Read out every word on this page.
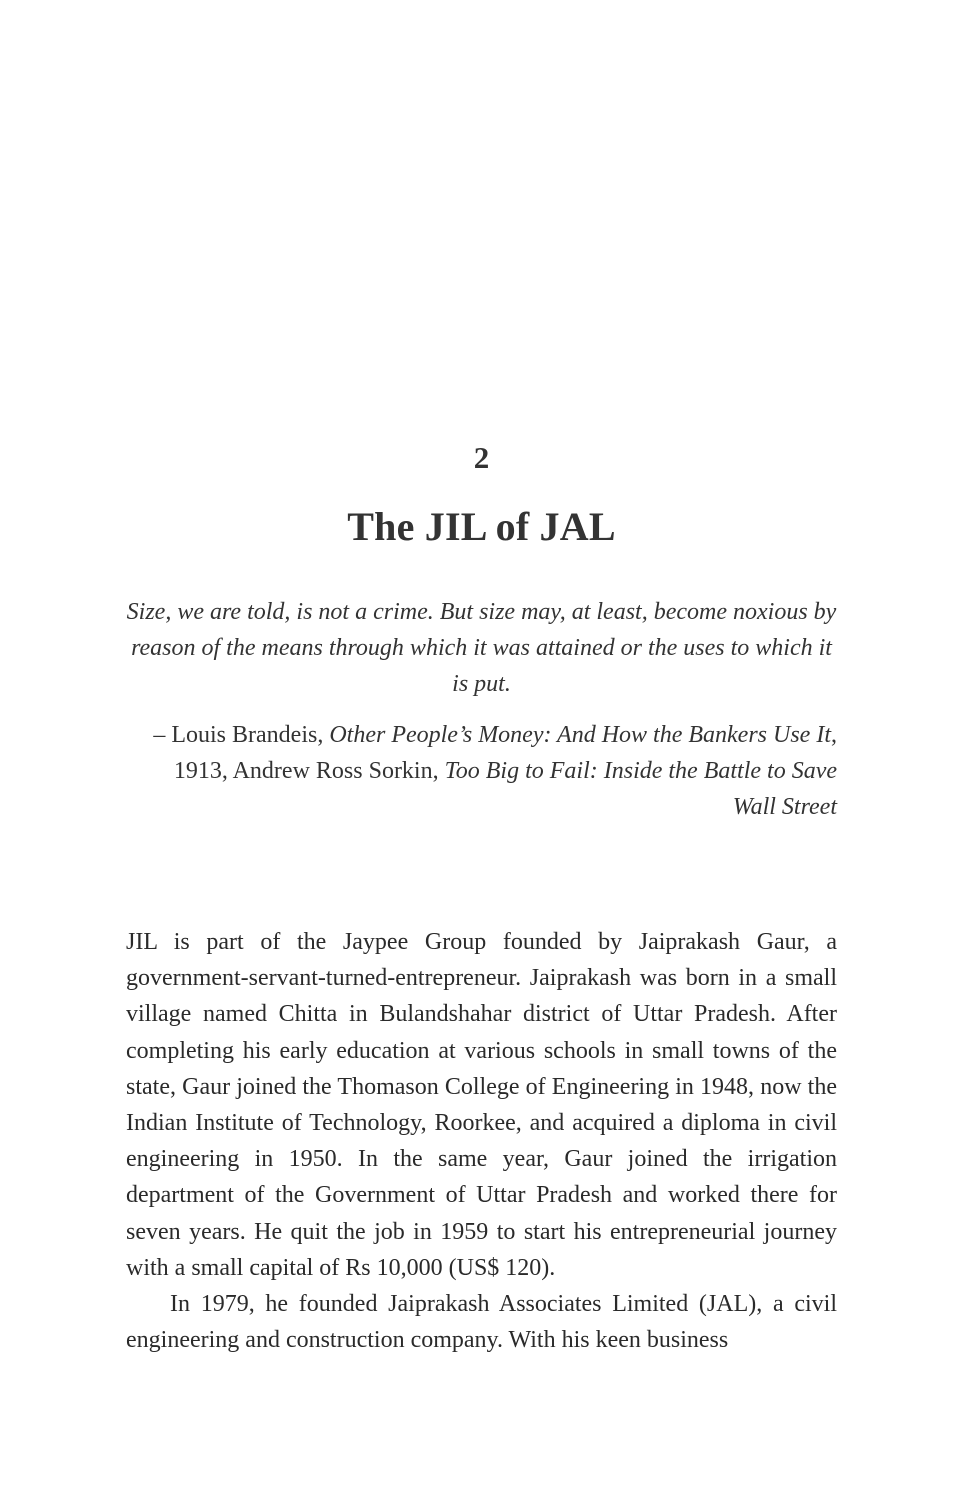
2
The JIL of JAL
Size, we are told, is not a crime. But size may, at least, become noxious by reason of the means through which it was attained or the uses to which it is put.
– Louis Brandeis, Other People’s Money: And How the Bankers Use It, 1913, Andrew Ross Sorkin, Too Big to Fail: Inside the Battle to Save Wall Street

JIL is part of the Jaypee Group founded by Jaiprakash Gaur, a government-servant-turned-entrepreneur. Jaiprakash was born in a small village named Chitta in Bulandshahar district of Uttar Pradesh. After completing his early education at various schools in small towns of the state, Gaur joined the Thomason College of Engineering in 1948, now the Indian Institute of Technology, Roorkee, and acquired a diploma in civil engineering in 1950. In the same year, Gaur joined the irrigation department of the Government of Uttar Pradesh and worked there for seven years. He quit the job in 1959 to start his entrepreneurial journey with a small capital of Rs 10,000 (US$ 120).

In 1979, he founded Jaiprakash Associates Limited (JAL), a civil engineering and construction company. With his keen business
